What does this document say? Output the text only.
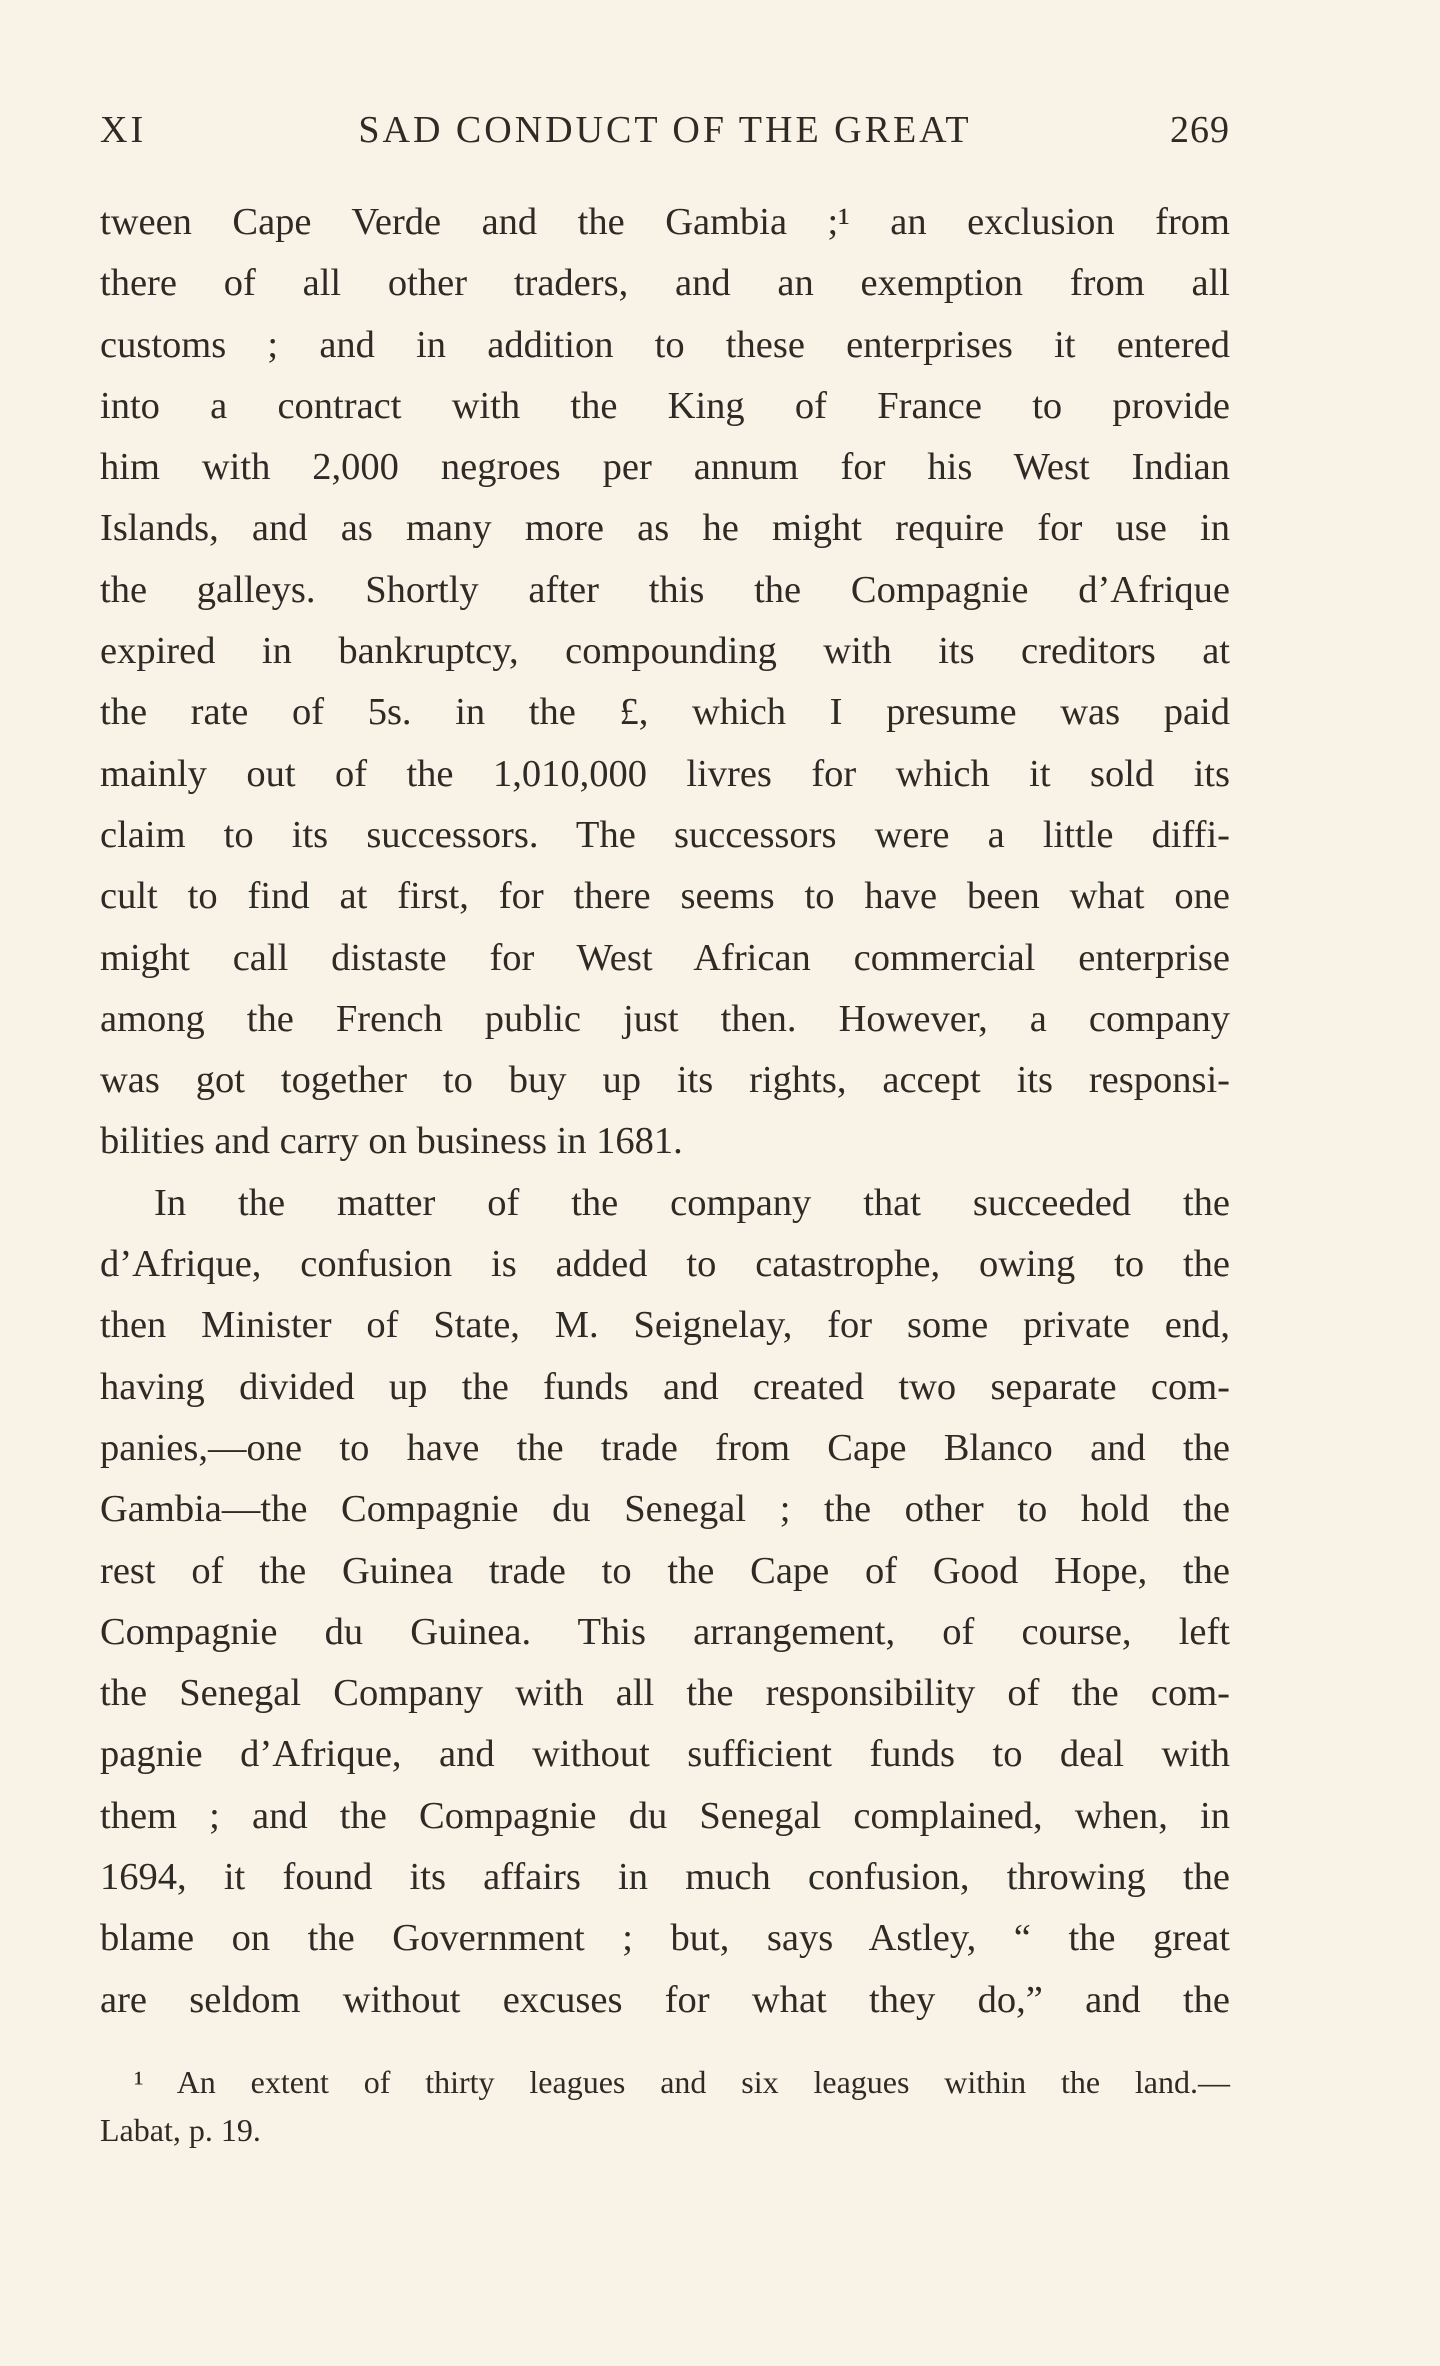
XI	SAD CONDUCT OF THE GREAT	269
tween Cape Verde and the Gambia ;¹ an exclusion from
there of all other traders, and an exemption from all
customs ; and in addition to these enterprises it entered
into a contract with the King of France to provide
him with 2,000 negroes per annum for his West Indian
Islands, and as many more as he might require for use in
the galleys. Shortly after this the Compagnie d’Afrique
expired in bankruptcy, compounding with its creditors at
the rate of 5s. in the £, which I presume was paid
mainly out of the 1,010,000 livres for which it sold its
claim to its successors. The successors were a little diffi-
cult to find at first, for there seems to have been what one
might call distaste for West African commercial enterprise
among the French public just then. However, a company
was got together to buy up its rights, accept its responsi-
bilities and carry on business in 1681.
In the matter of the company that succeeded the
d’Afrique, confusion is added to catastrophe, owing to the
then Minister of State, M. Seignelay, for some private end,
having divided up the funds and created two separate com-
panies,—one to have the trade from Cape Blanco and the
Gambia—the Compagnie du Senegal ; the other to hold the
rest of the Guinea trade to the Cape of Good Hope, the
Compagnie du Guinea. This arrangement, of course, left
the Senegal Company with all the responsibility of the com-
pagnie d’Afrique, and without sufficient funds to deal with
them ; and the Compagnie du Senegal complained, when, in
1694, it found its affairs in much confusion, throwing the
blame on the Government ; but, says Astley, “ the great
are seldom without excuses for what they do,” and the
¹ An extent of thirty leagues and six leagues within the land.—
Labat, p. 19.
